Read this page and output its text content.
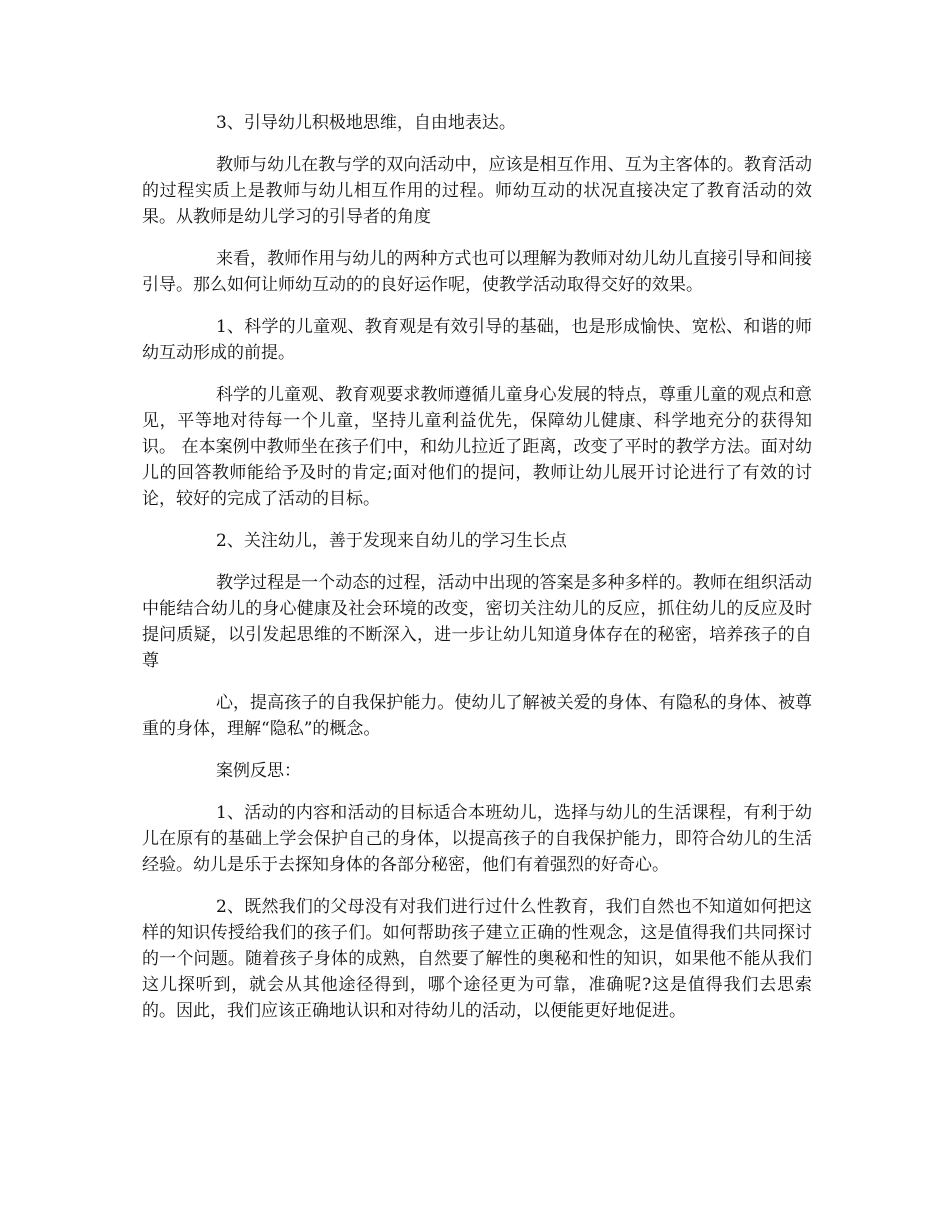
3、引导幼儿积极地思维，自由地表达。

教师与幼儿在教与学的双向活动中，应该是相互作用、互为主客体的。教育活动的过程实质上是教师与幼儿相互作用的过程。师幼互动的状况直接决定了教育活动的效果。从教师是幼儿学习的引导者的角度

来看，教师作用与幼儿的两种方式也可以理解为教师对幼儿幼儿直接引导和间接引导。那么如何让师幼互动的的良好运作呢，使教学活动取得交好的效果。

1、科学的儿童观、教育观是有效引导的基础，也是形成愉快、宽松、和谐的师幼互动形成的前提。

科学的儿童观、教育观要求教师遵循儿童身心发展的特点，尊重儿童的观点和意见，平等地对待每一个儿童，坚持儿童利益优先，保障幼儿健康、科学地充分的获得知识。 在本案例中教师坐在孩子们中，和幼儿拉近了距离，改变了平时的教学方法。面对幼儿的回答教师能给予及时的肯定;面对他们的提问，教师让幼儿展开讨论进行了有效的讨论，较好的完成了活动的目标。

2、关注幼儿，善于发现来自幼儿的学习生长点

教学过程是一个动态的过程，活动中出现的答案是多种多样的。教师在组织活动中能结合幼儿的身心健康及社会环境的改变，密切关注幼儿的反应，抓住幼儿的反应及时提问质疑，以引发起思维的不断深入，进一步让幼儿知道身体存在的秘密，培养孩子的自尊

心，提高孩子的自我保护能力。使幼儿了解被关爱的身体、有隐私的身体、被尊重的身体，理解“隐私”的概念。

案例反思：

1、活动的内容和活动的目标适合本班幼儿，选择与幼儿的生活课程，有利于幼儿在原有的基础上学会保护自己的身体，以提高孩子的自我保护能力，即符合幼儿的生活经验。幼儿是乐于去探知身体的各部分秘密，他们有着强烈的好奇心。

2、既然我们的父母没有对我们进行过什么性教育，我们自然也不知道如何把这样的知识传授给我们的孩子们。如何帮助孩子建立正确的性观念，这是值得我们共同探讨的一个问题。随着孩子身体的成熟，自然要了解性的奥秘和性的知识，如果他不能从我们这儿探听到，就会从其他途径得到，哪个途径更为可靠，准确呢?这是值得我们去思索的。因此，我们应该正确地认识和对待幼儿的活动，以便能更好地促进。
